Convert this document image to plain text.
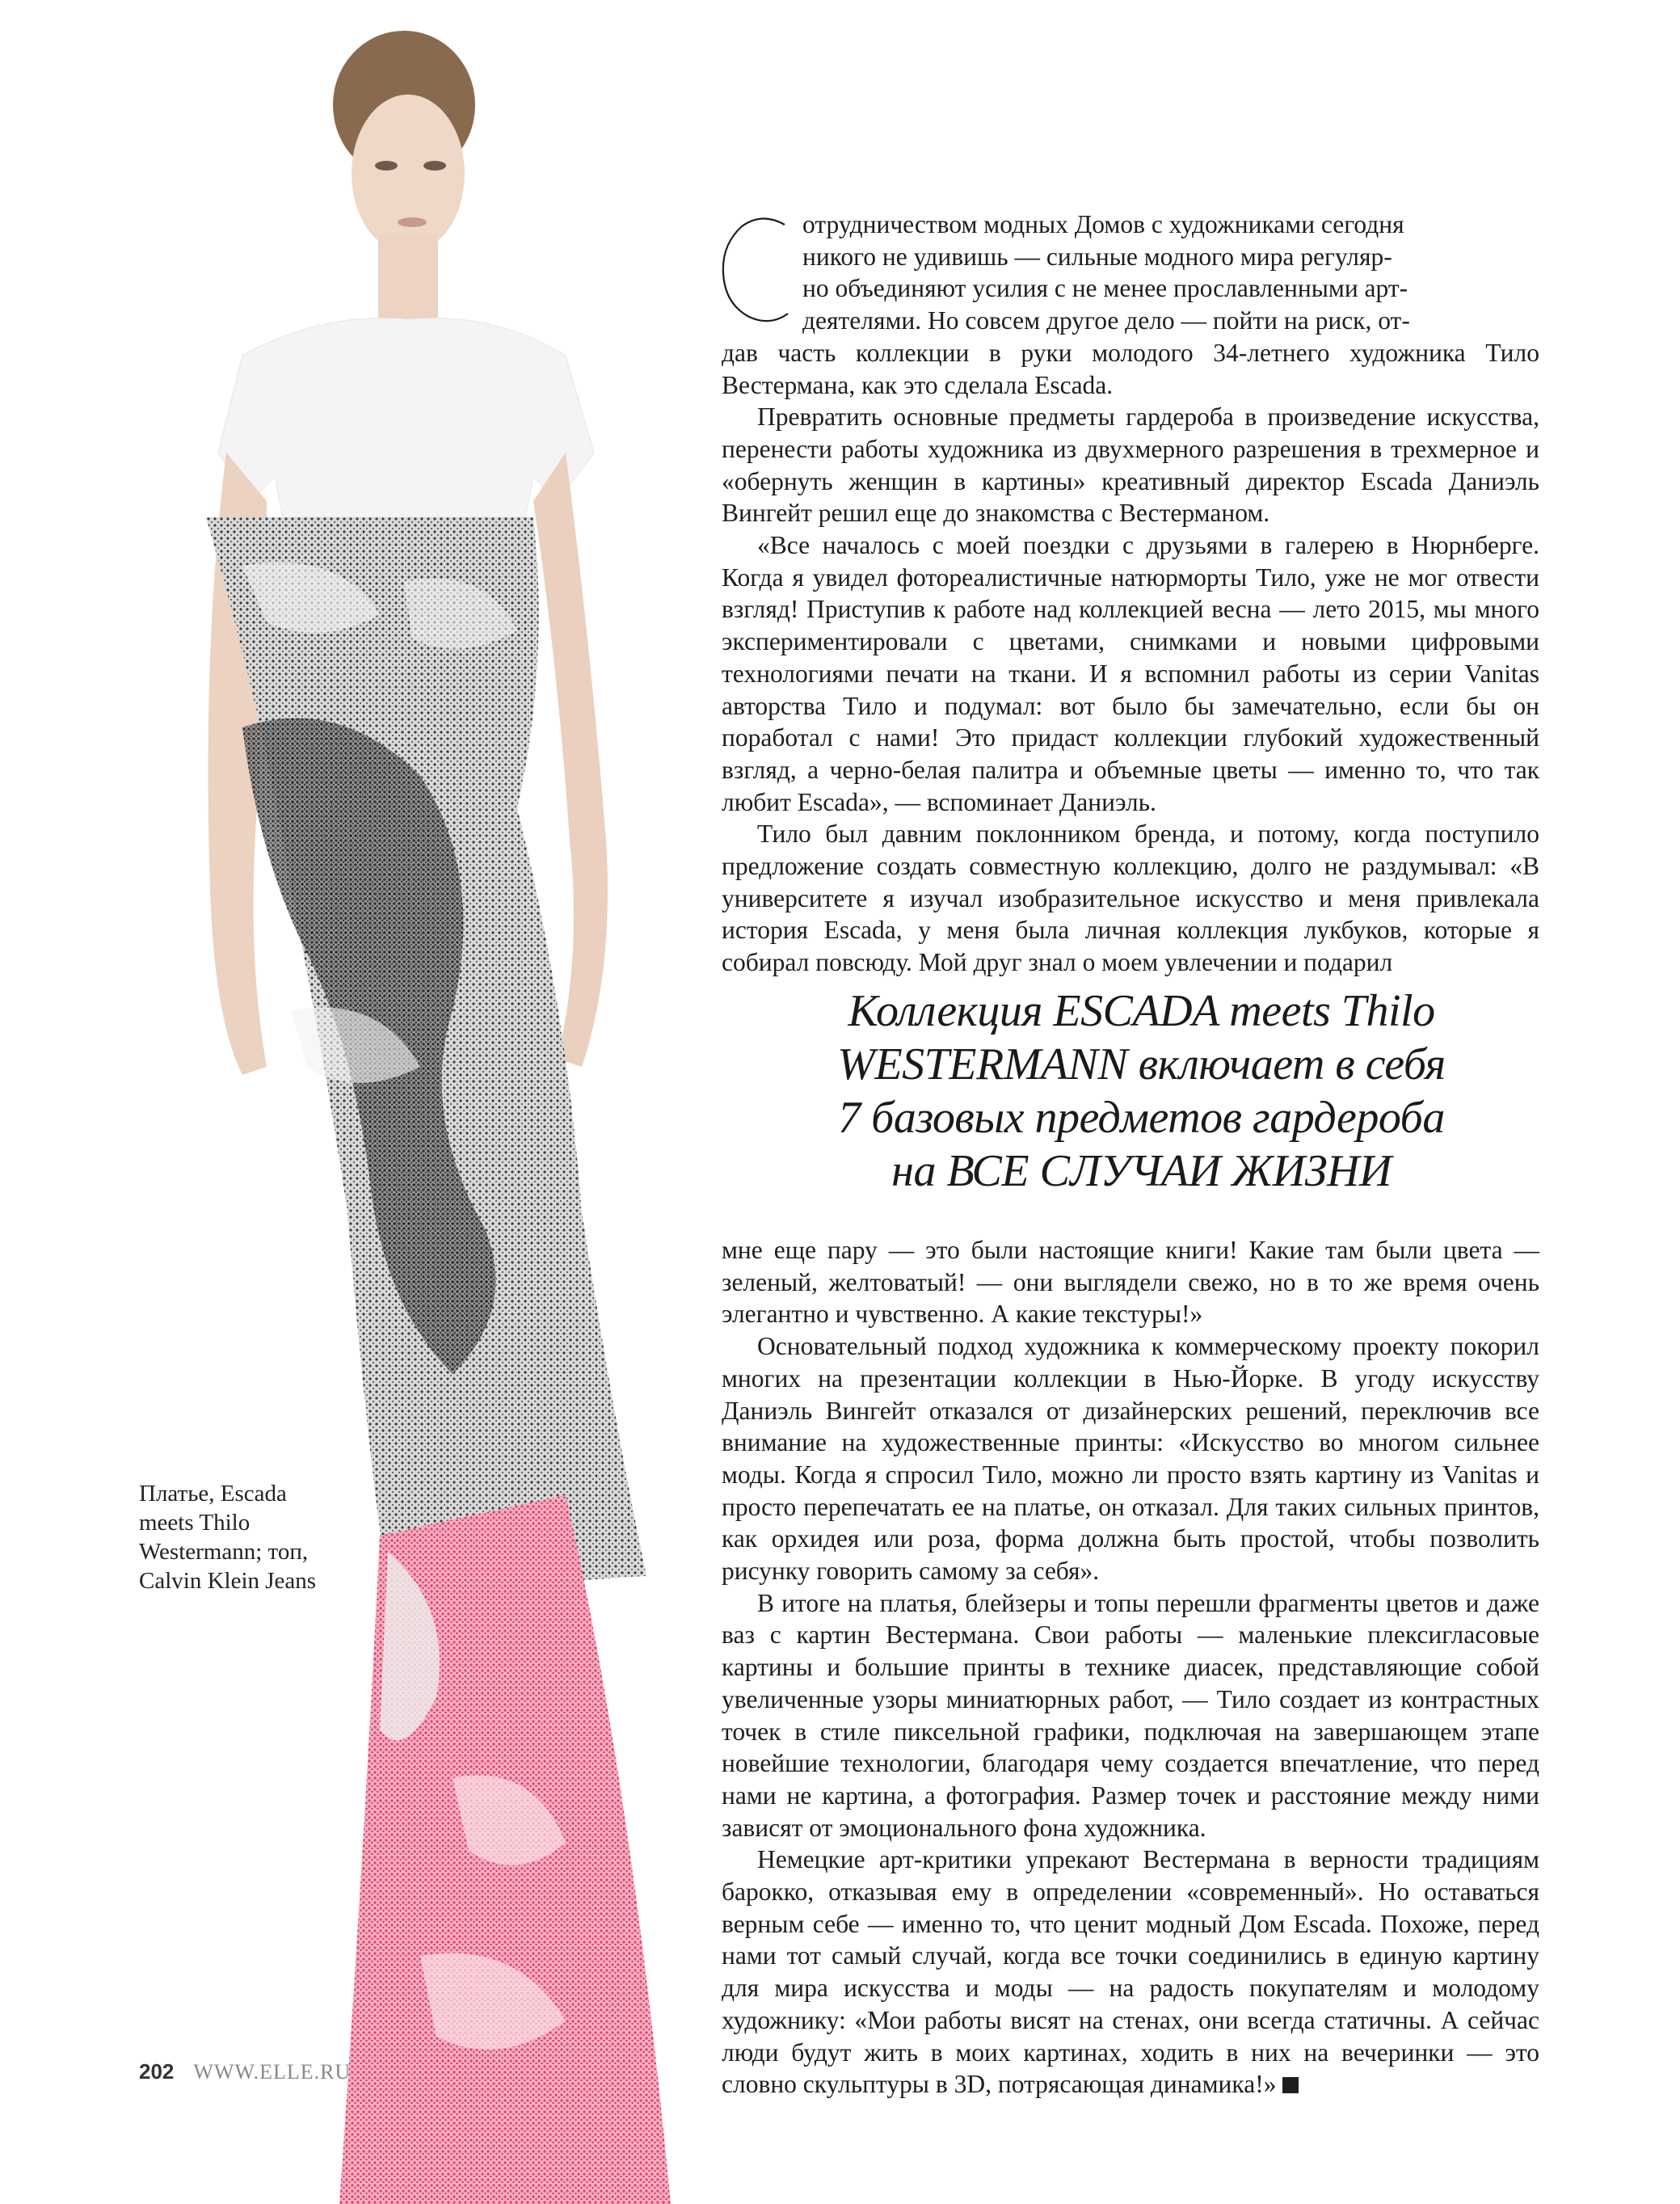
Платье, Escada
meets Thilo
Westermann; топ,
Calvin Klein Jeans
отрудничеством модных Домов с художниками сегодня
никого не удивишь — сильные модного мира регуляр-
но объединяют усилия с не менее прославленными арт-
деятелями. Но совсем другое дело — пойти на риск, от-

дав часть коллекции в руки молодого 34-летнего художника Тило Вестермана, как это сделала Escada.

Превратить основные предметы гардероба в произведение искусства, перенести работы художника из двухмерного разрешения в трехмерное и «обернуть женщин в картины» креативный директор Escada Даниэль Вингейт решил еще до знакомства с Вестерманом.

«Все началось с моей поездки с друзьями в галерею в Нюрнберге. Когда я увидел фотореалистичные натюрморты Тило, уже не мог отвести взгляд! Приступив к работе над коллекцией весна — лето 2015, мы много экспериментировали с цветами, снимками и новыми цифровыми технологиями печати на ткани. И я вспомнил работы из серии Vanitas авторства Тило и подумал: вот было бы замечательно, если бы он поработал с нами! Это придаст коллекции глубокий художественный взгляд, а черно-белая палитра и объемные цветы — именно то, что так любит Escada», — вспоминает Даниэль.

Тило был давним поклонником бренда, и потому, когда поступило предложение создать совместную коллекцию, долго не раздумывал: «В университете я изучал изобразительное искусство и меня привлекала история Escada, у меня была личная коллекция лукбуков, которые я собирал повсюду. Мой друг знал о моем увлечении и подарил

Коллекция ESCADA meets Thilo
WESTERMANN включает в себя
7 базовых предметов гардероба
на ВСЕ СЛУЧАИ ЖИЗНИ

мне еще пару — это были настоящие книги! Какие там были цвета — зеленый, желтоватый! — они выглядели свежо, но в то же время очень элегантно и чувственно. А какие текстуры!»

Основательный подход художника к коммерческому проекту покорил многих на презентации коллекции в Нью-Йорке. В угоду искусству Даниэль Вингейт отказался от дизайнерских решений, переключив все внимание на художественные принты: «Искусство во многом сильнее моды. Когда я спросил Тило, можно ли просто взять картину из Vanitas и просто перепечатать ее на платье, он отказал. Для таких сильных принтов, как орхидея или роза, форма должна быть простой, чтобы позволить рисунку говорить самому за себя».

В итоге на платья, блейзеры и топы перешли фрагменты цветов и даже ваз с картин Вестермана. Свои работы — маленькие плексигласовые картины и большие принты в технике диасек, представляющие собой увеличенные узоры миниатюрных работ, — Тило создает из контрастных точек в стиле пиксельной графики, подключая на завершающем этапе новейшие технологии, благодаря чему создается впечатление, что перед нами не картина, а фотография. Размер точек и расстояние между ними зависят от эмоционального фона художника.

Немецкие арт-критики упрекают Вестермана в верности традициям барокко, отказывая ему в определении «современный». Но оставаться верным себе — именно то, что ценит модный Дом Escada. Похоже, перед нами тот самый случай, когда все точки соединились в единую картину для мира искусства и моды — на радость покупателям и молодому художнику: «Мои работы висят на стенах, они всегда статичны. А сейчас люди будут жить в моих картинах, ходить в них на вечеринки — это словно скульптуры в 3D, потрясающая динамика!»

202 WWW.ELLE.RU
